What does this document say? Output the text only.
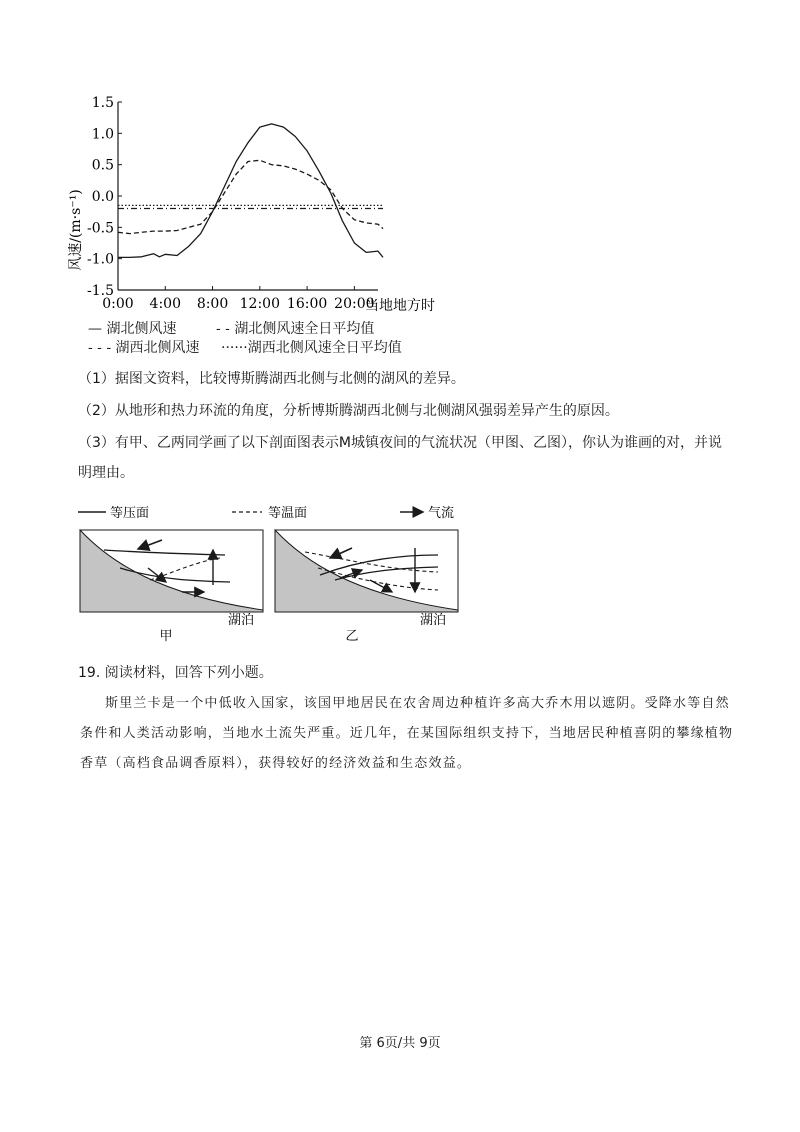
风速/(m·s⁻¹)
当地地方时
1.5
1.0
0.5
0.0
-0.5
-1.0
-1.5
0:00 4:00 8:00 12:00 16:00 20:00
— 湖北侧风速	- - 湖北侧风速全日平均值
- - - 湖西北侧风速 ······湖西北侧风速全日平均值
（1）据图文资料，比较博斯腾湖西北侧与北侧的湖风的差异。
（2）从地形和热力环流的角度，分析博斯腾湖西北侧与北侧湖风强弱差异产生的原因。
（3）有甲、乙两同学画了以下剖面图表示M城镇夜间的气流状况（甲图、乙图），你认为谁画的对，并说
明理由。
等压面	等温面	气流
湖泊
甲
湖泊
乙
19. 阅读材料，回答下列小题。
斯里兰卡是一个中低收入国家，该国甲地居民在农舍周边种植许多高大乔木用以遮阴。受降水等自然
条件和人类活动影响，当地水土流失严重。近几年，在某国际组织支持下，当地居民种植喜阴的攀缘植物
香草（高档食品调香原料），获得较好的经济效益和生态效益。
第 6页/共 9页
